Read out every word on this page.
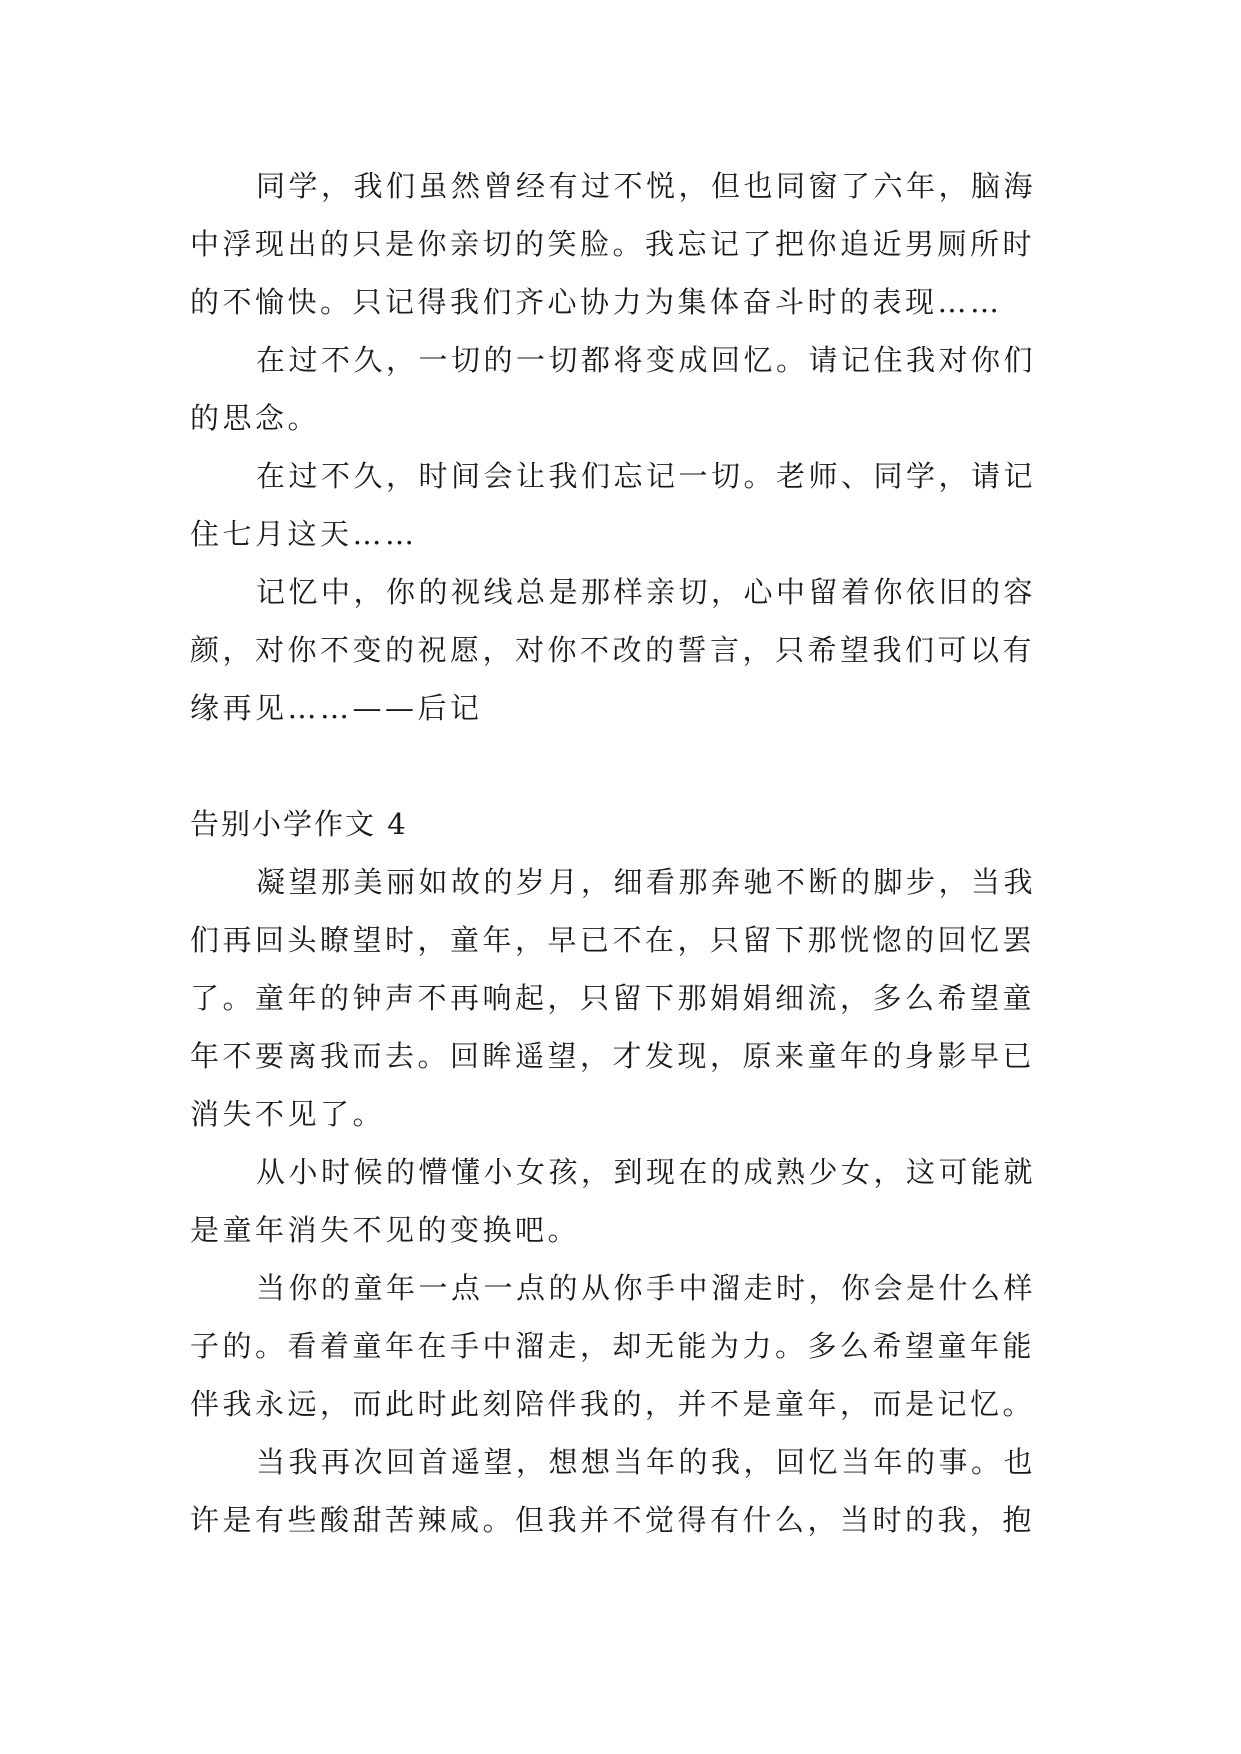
同学，我们虽然曾经有过不悦，但也同窗了六年，脑海
中浮现出的只是你亲切的笑脸。我忘记了把你追近男厕所时
的不愉快。只记得我们齐心协力为集体奋斗时的表现……
在过不久，一切的一切都将变成回忆。请记住我对你们
的思念。
在过不久，时间会让我们忘记一切。老师、同学，请记
住七月这天……
记忆中，你的视线总是那样亲切，心中留着你依旧的容
颜，对你不变的祝愿，对你不改的誓言，只希望我们可以有
缘再见……——后记
告别小学作文 4
凝望那美丽如故的岁月，细看那奔驰不断的脚步，当我
们再回头瞭望时，童年，早已不在，只留下那恍惚的回忆罢
了。童年的钟声不再响起，只留下那娟娟细流，多么希望童
年不要离我而去。回眸遥望，才发现，原来童年的身影早已
消失不见了。
从小时候的懵懂小女孩，到现在的成熟少女，这可能就
是童年消失不见的变换吧。
当你的童年一点一点的从你手中溜走时，你会是什么样
子的。看着童年在手中溜走，却无能为力。多么希望童年能
伴我永远，而此时此刻陪伴我的，并不是童年，而是记忆。
当我再次回首遥望，想想当年的我，回忆当年的事。也
许是有些酸甜苦辣咸。但我并不觉得有什么，当时的我，抱
